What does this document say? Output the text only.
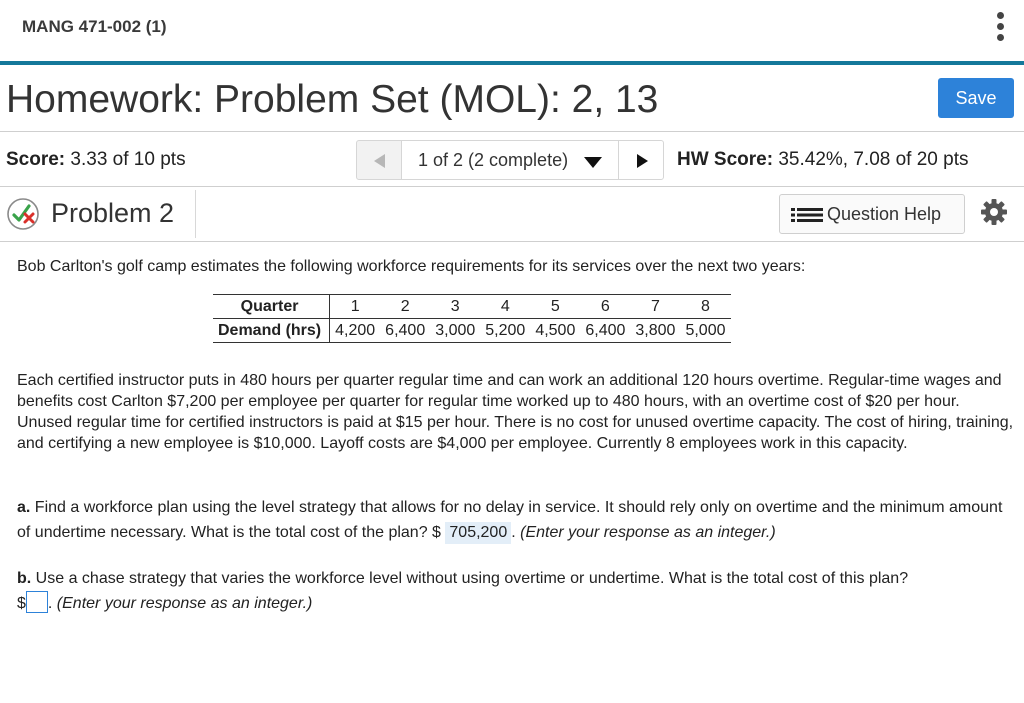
MANG 471-002 (1)
Homework: Problem Set (MOL): 2, 13	Save
Score: 3.33 of 10 pts	1 of 2 (2 complete)	HW Score: 35.42%, 7.08 of 20 pts
Problem 2	Question Help
Bob Carlton's golf camp estimates the following workforce requirements for its services over the next two years:
Quarter	1	2	3	4	5	6	7	8
Demand (hrs)	4,200	6,400	3,000	5,200	4,500	6,400	3,800	5,000
Each certified instructor puts in 480 hours per quarter regular time and can work an additional 120 hours overtime. Regular-time wages and benefits cost Carlton $7,200 per employee per quarter for regular time worked up to 480 hours, with an overtime cost of $20 per hour. Unused regular time for certified instructors is paid at $15 per hour. There is no cost for unused overtime capacity. The cost of hiring, training, and certifying a new employee is $10,000. Layoff costs are $4,000 per employee. Currently 8 employees work in this capacity.
a. Find a workforce plan using the level strategy that allows for no delay in service. It should rely only on overtime and the minimum amount of undertime necessary. What is the total cost of the plan? $ 705,200 . (Enter your response as an integer.)
b. Use a chase strategy that varies the workforce level without using overtime or undertime. What is the total cost of this plan?
$ . (Enter your response as an integer.)
